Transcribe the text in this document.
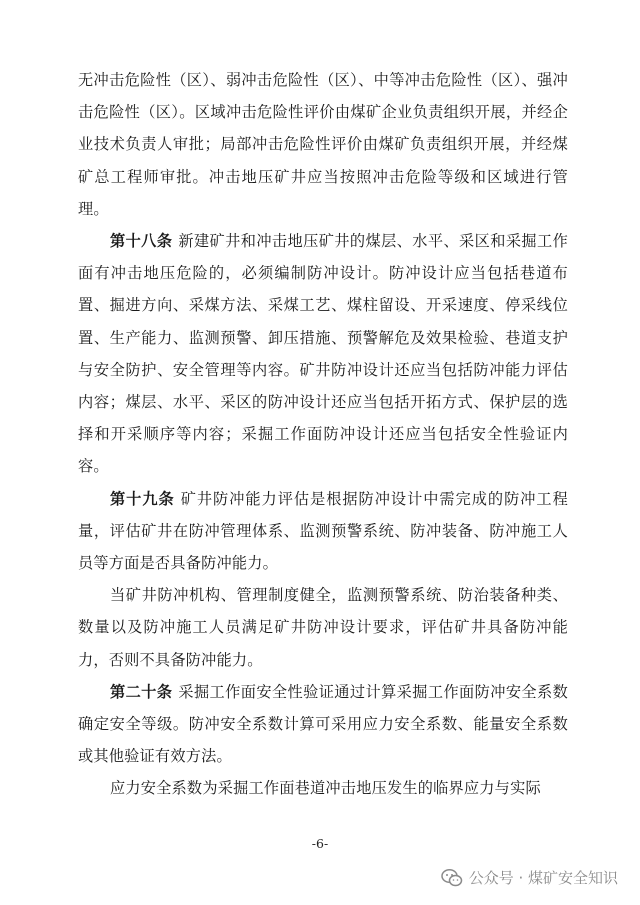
无冲击危险性（区）、弱冲击危险性（区）、中等冲击危险性（区）、强冲击危险性（区）。区域冲击危险性评价由煤矿企业负责组织开展，并经企业技术负责人审批；局部冲击危险性评价由煤矿负责组织开展，并经煤矿总工程师审批。冲击地压矿井应当按照冲击危险等级和区域进行管理。

第十八条 新建矿井和冲击地压矿井的煤层、水平、采区和采掘工作面有冲击地压危险的，必须编制防冲设计。防冲设计应当包括巷道布置、掘进方向、采煤方法、采煤工艺、煤柱留设、开采速度、停采线位置、生产能力、监测预警、卸压措施、预警解危及效果检验、巷道支护与安全防护、安全管理等内容。矿井防冲设计还应当包括防冲能力评估内容；煤层、水平、采区的防冲设计还应当包括开拓方式、保护层的选择和开采顺序等内容；采掘工作面防冲设计还应当包括安全性验证内容。

第十九条 矿井防冲能力评估是根据防冲设计中需完成的防冲工程量，评估矿井在防冲管理体系、监测预警系统、防冲装备、防冲施工人员等方面是否具备防冲能力。

当矿井防冲机构、管理制度健全，监测预警系统、防治装备种类、数量以及防冲施工人员满足矿井防冲设计要求，评估矿井具备防冲能力，否则不具备防冲能力。

第二十条 采掘工作面安全性验证通过计算采掘工作面防冲安全系数确定安全等级。防冲安全系数计算可采用应力安全系数、能量安全系数或其他验证有效方法。

应力安全系数为采掘工作面巷道冲击地压发生的临界应力与实际

-6-
公众号 · 煤矿安全知识
